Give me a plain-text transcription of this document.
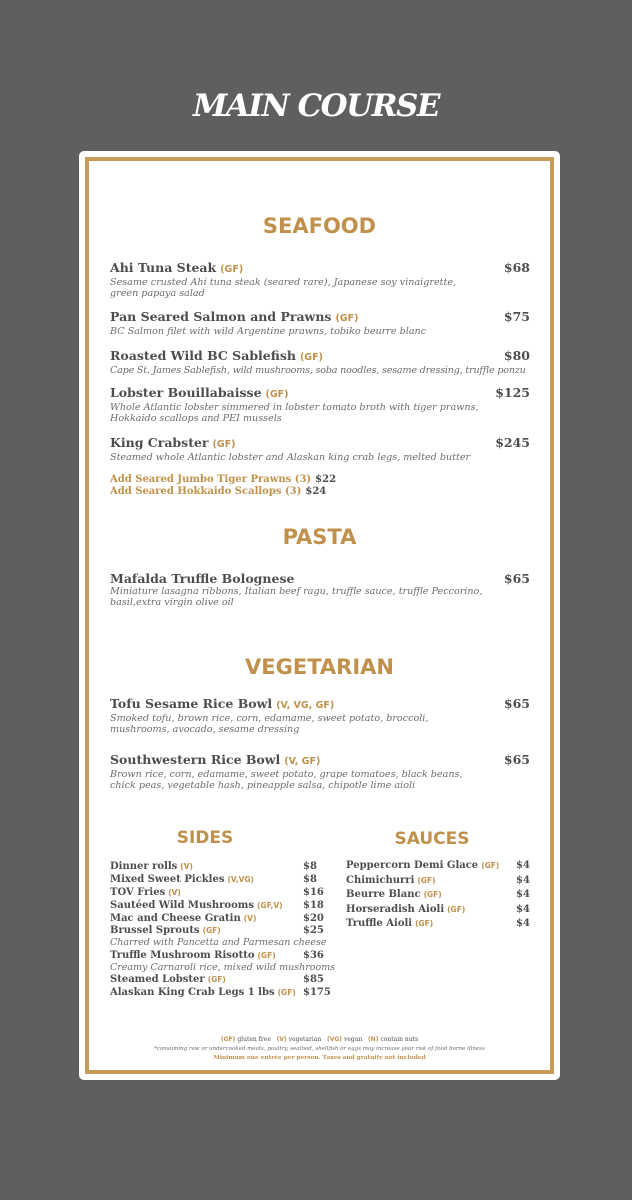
MAIN COURSE
SEAFOOD
Ahi Tuna Steak (GF)
Sesame crusted Ahi tuna steak (seared rare), Japanese soy vinaigrette, green papaya salad
$68
Pan Seared Salmon and Prawns (GF)
BC Salmon filet with wild Argentine prawns, tobiko beurre blanc
$75
Roasted Wild BC Sablefish (GF)
Cape St. James Sablefish, wild mushrooms, soba noodles, sesame dressing, truffle ponzu
$80
Lobster Bouillabaisse (GF)
Whole Atlantic lobster simmered in lobster tomato broth with tiger prawns, Hokkaido scallops and PEI mussels
$125
King Crabster (GF)
Steamed whole Atlantic lobster and Alaskan king crab legs, melted butter
$245
Add Seared Jumbo Tiger Prawns (3) $22
Add Seared Hokkaido Scallops (3) $24
PASTA
Mafalda Truffle Bolognese
Miniature lasagna ribbons, Italian beef ragu, truffle sauce, truffle Peccorino, basil,extra virgin olive oil
$65
VEGETARIAN
Tofu Sesame Rice Bowl (V, VG, GF)
Smoked tofu, brown rice, corn, edamame, sweet potato, broccoli, mushrooms, avocado, sesame dressing
$65
Southwestern Rice Bowl (V, GF)
Brown rice, corn, edamame, sweet potato, grape tomatoes, black beans, chick peas, vegetable hash, pineapple salsa, chipotle lime aioli
$65
SIDES
Dinner rolls (V)	$8
Mixed Sweet Pickles (V,VG)	$8
TOV Fries (V)	$16
Sautéed Wild Mushrooms (GF,V) $18
Mac and Cheese Gratin (V)	$20
Brussel Sprouts (GF)	$25
Charred with Pancetta and Parmesan cheese
Truffle Mushroom Risotto (GF)	$36
Creamy Carnaroli rice, mixed wild mushrooms
Steamed Lobster (GF)	$85
Alaskan King Crab Legs 1 lbs (GF) $175
SAUCES
Peppercorn Demi Glace (GF) $4
Chimichurri (GF)	$4
Beurre Blanc (GF)	$4
Horseradish Aioli (GF)	$4
Truffle Aioli (GF)	$4
(GF) gluten free (V) vegetarian (VG) vegan (N) contain nuts
*consuming raw or undercooked meats, poultry, seafood, shellfish or eggs may increase your risk of food borne illness
Minimum one entrée per person. Taxes and gratuity not included
